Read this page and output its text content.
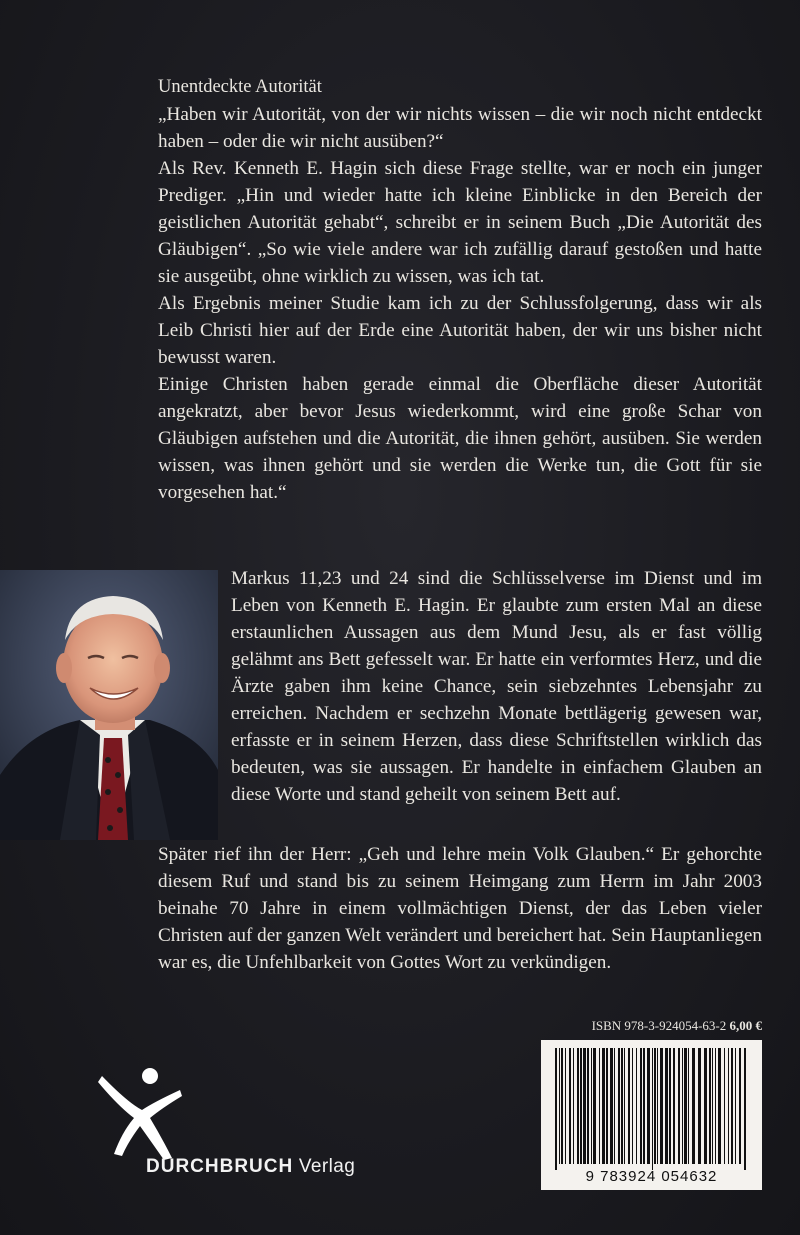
Unentdeckte Autorität

„Haben wir Autorität, von der wir nichts wissen – die wir noch nicht entdeckt haben – oder die wir nicht ausüben?“

Als Rev. Kenneth E. Hagin sich diese Frage stellte, war er noch ein junger Prediger. „Hin und wieder hatte ich kleine Einblicke in den Bereich der geistlichen Autorität gehabt“, schreibt er in seinem Buch „Die Autorität des Gläubigen“. „So wie viele andere war ich zufällig darauf gestoßen und hatte sie ausgeübt, ohne wirklich zu wissen, was ich tat.

Als Ergebnis meiner Studie kam ich zu der Schlussfolgerung, dass wir als Leib Christi hier auf der Erde eine Autorität haben, der wir uns bisher nicht bewusst waren.

Einige Christen haben gerade einmal die Oberfläche dieser Autorität angekratzt, aber bevor Jesus wiederkommt, wird eine große Schar von Gläubigen aufstehen und die Autorität, die ihnen gehört, ausüben. Sie werden wissen, was ihnen gehört und sie werden die Werke tun, die Gott für sie vorgesehen hat.“

Markus 11,23 und 24 sind die Schlüsselverse im Dienst und im Leben von Kenneth E. Hagin. Er glaubte zum ersten Mal an diese erstaunlichen Aussagen aus dem Mund Jesu, als er fast völlig gelähmt ans Bett gefesselt war. Er hatte ein verformtes Herz, und die Ärzte gaben ihm keine Chance, sein siebzehntes Lebensjahr zu erreichen. Nachdem er sechzehn Monate bettlägerig gewesen war, erfasste er in seinem Herzen, dass diese Schriftstellen wirklich das bedeuten, was sie aussagen. Er handelte in einfachem Glauben an diese Worte und stand geheilt von seinem Bett auf.

Später rief ihn der Herr: „Geh und lehre mein Volk Glauben.“ Er gehorchte diesem Ruf und stand bis zu seinem Heimgang zum Herrn im Jahr 2003 beinahe 70 Jahre in einem vollmächtigen Dienst, der das Leben vieler Christen auf der ganzen Welt verändert und bereichert hat. Sein Hauptanliegen war es, die Unfehlbarkeit von Gottes Wort zu verkündigen.

ISBN 978-3-924054-63-2 6,00 €
9 783924 054632
DURCHBRUCH Verlag
